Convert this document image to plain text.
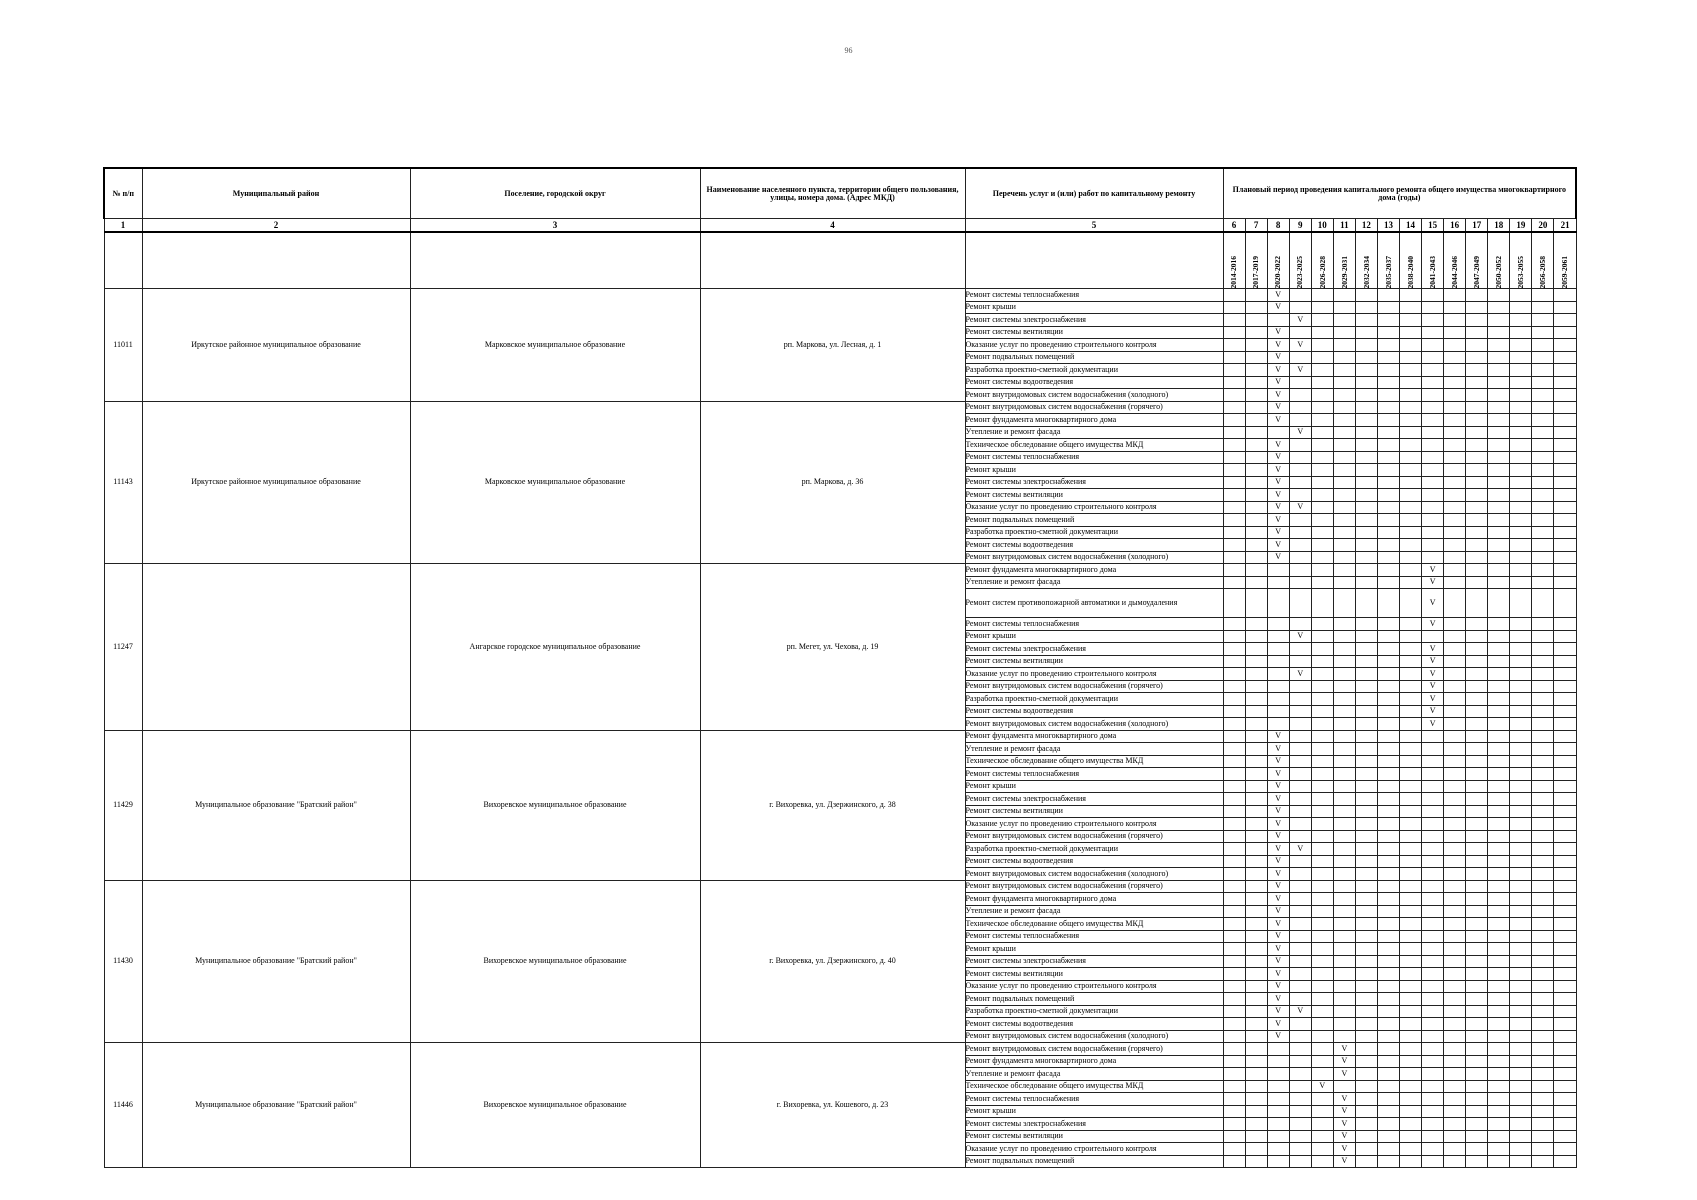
96
№ п/п	Муниципальный район	Поселение, городской округ	Наименование населенного пункта, территории общего пользования, улицы, номера дома. (Адрес МКД)	Перечень услуг и (или) работ по капитальному ремонту	Плановый период проведения капитального ремонта общего имущества многоквартирного дома (годы)															
1	2	3	4	5	6	7	8	9	10	11	12	13	14	15	16	17	18	19	20	21

					2014-2016	2017-2019	2020-2022	2023-2025	2026-2028	2029-2031	2032-2034	2035-2037	2038-2040	2041-2043	2044-2046	2047-2049	2050-2052	2053-2055	2056-2058	2059-2061

11011	Иркутское районное муниципальное образование	Марковское муниципальное образование	рп. Маркова, ул. Лесная, д. 1	Ремонт системы теплоснабжения			V													
				Ремонт крыши			V													
				Ремонт системы электроснабжения				V												
				Ремонт системы вентиляции			V													
				Оказание услуг по проведению строительного контроля			V	V												
				Ремонт подвальных помещений			V													
				Разработка проектно-сметной документации			V	V												
				Ремонт системы водоотведения			V													
				Ремонт внутридомовых систем водоснабжения (холодного)			V													
11143	Иркутское районное муниципальное образование	Марковское муниципальное образование	рп. Маркова, д. 36	Ремонт внутридомовых систем водоснабжения (горячего)			V													
				Ремонт фундамента многоквартирного дома			V													
				Утепление и ремонт фасада				V												
				Техническое обследование общего имущества МКД			V													
				Ремонт системы теплоснабжения			V													
				Ремонт крыши			V													
				Ремонт системы электроснабжения			V													
				Ремонт системы вентиляции			V													
				Оказание услуг по проведению строительного контроля			V	V												
				Ремонт подвальных помещений			V													
				Разработка проектно-сметной документации			V													
				Ремонт системы водоотведения			V													
				Ремонт внутридомовых систем водоснабжения (холодного)			V													
11247		Ангарское городское муниципальное образование	рп. Мегет, ул. Чехова, д. 19	Ремонт фундамента многоквартирного дома										V						
				Утепление и ремонт фасада										V						
				Ремонт систем противопожарной автоматики и дымоудаления										V						
				Ремонт системы теплоснабжения										V						
				Ремонт крыши				V												
				Ремонт системы электроснабжения										V						
				Ремонт системы вентиляции										V						
				Оказание услуг по проведению строительного контроля				V						V						
				Ремонт внутридомовых систем водоснабжения (горячего)										V						
				Разработка проектно-сметной документации										V						
				Ремонт системы водоотведения										V						
				Ремонт внутридомовых систем водоснабжения (холодного)										V						
11429	Муниципальное образование "Братский район"	Вихоревское муниципальное образование	г. Вихоревка, ул. Дзержинского, д. 38	Ремонт фундамента многоквартирного дома			V													
				Утепление и ремонт фасада			V													
				Техническое обследование общего имущества МКД			V													
				Ремонт системы теплоснабжения			V													
				Ремонт крыши			V													
				Ремонт системы электроснабжения			V													
				Ремонт системы вентиляции			V													
				Оказание услуг по проведению строительного контроля			V													
				Ремонт внутридомовых систем водоснабжения (горячего)			V													
				Разработка проектно-сметной документации			V	V												
				Ремонт системы водоотведения			V													
				Ремонт внутридомовых систем водоснабжения (холодного)			V													
11430	Муниципальное образование "Братский район"	Вихоревское муниципальное образование	г. Вихоревка, ул. Дзержинского, д. 40	Ремонт внутридомовых систем водоснабжения (горячего)			V													
				Ремонт фундамента многоквартирного дома			V													
				Утепление и ремонт фасада			V													
				Техническое обследование общего имущества МКД			V													
				Ремонт системы теплоснабжения			V													
				Ремонт крыши			V													
				Ремонт системы электроснабжения			V													
				Ремонт системы вентиляции			V													
				Оказание услуг по проведению строительного контроля			V													
				Ремонт подвальных помещений			V													
				Разработка проектно-сметной документации			V	V												
				Ремонт системы водоотведения			V													
				Ремонт внутридомовых систем водоснабжения (холодного)			V													
11446	Муниципальное образование "Братский район"	Вихоревское муниципальное образование	г. Вихоревка, ул. Кошевого, д. 23	Ремонт внутридомовых систем водоснабжения (горячего)						V										
				Ремонт фундамента многоквартирного дома						V										
				Утепление и ремонт фасада						V										
				Техническое обследование общего имущества МКД					V											
				Ремонт системы теплоснабжения						V										
				Ремонт крыши						V										
				Ремонт системы электроснабжения						V										
				Ремонт системы вентиляции						V										
				Оказание услуг по проведению строительного контроля						V										
				Ремонт подвальных помещений						V										
